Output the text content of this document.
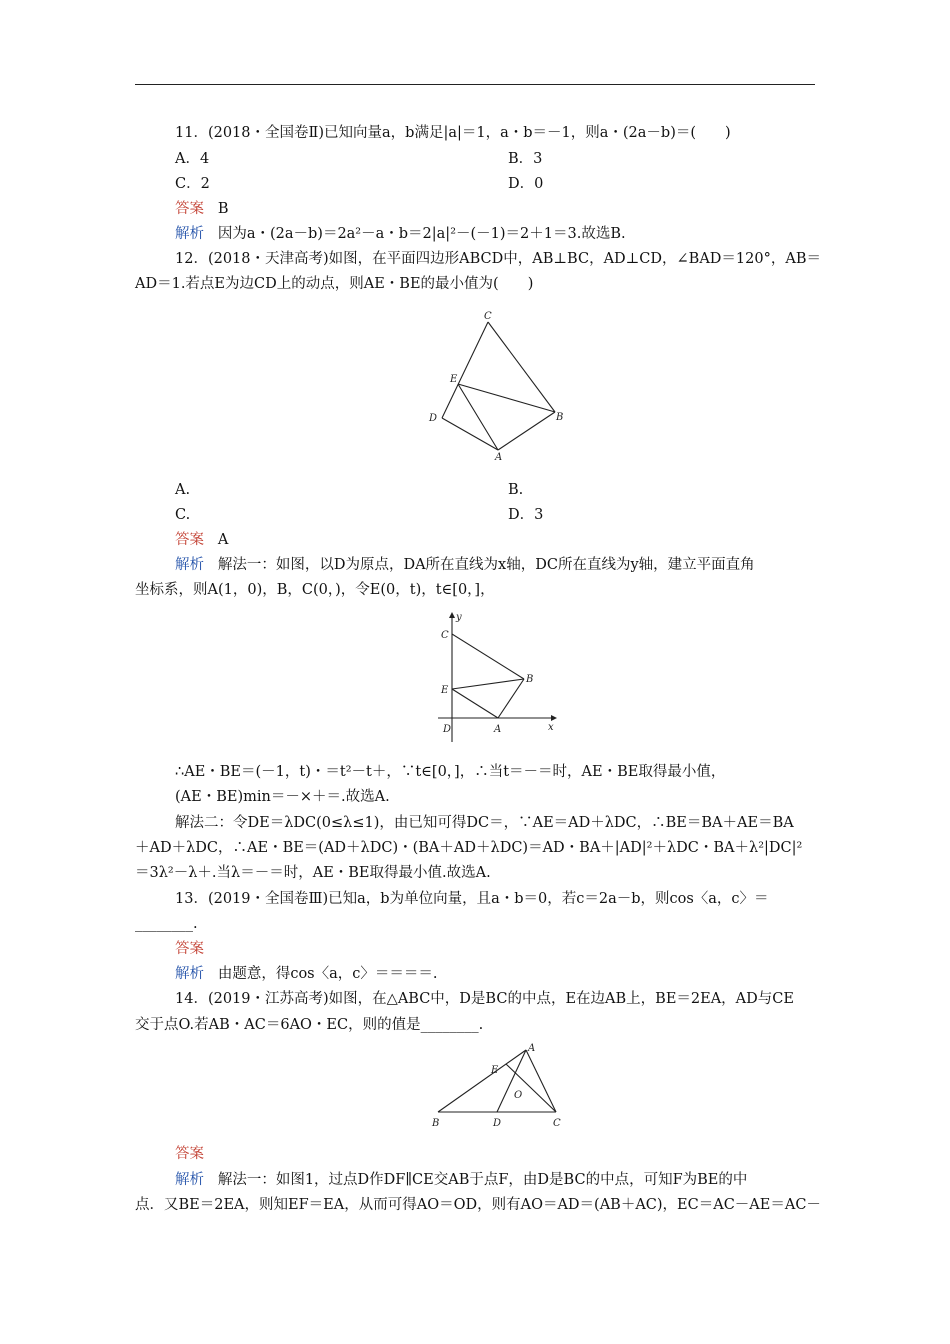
11．(2018・全国卷Ⅱ)已知向量a，b满足|a|＝1，a・b＝－1，则a・(2a－b)＝(　　)
A．4	B．3
C．2	D．0
答案 B
解析 因为a・(2a－b)＝2a²－a・b＝2|a|²－(－1)＝2＋1＝3.故选B.
12．(2018・天津高考)如图，在平面四边形ABCD中，AB⊥BC，AD⊥CD，∠BAD＝120°，AB＝
AD＝1.若点E为边CD上的动点，则AE・BE的最小值为(　　)
C
E
B
D
A
A.	B.
C.	D．3
答案 A
解析 解法一：如图，以D为原点，DA所在直线为x轴，DC所在直线为y轴，建立平面直角
坐标系，则A(1，0)，B，C(0，)，令E(0，t)，t∈[0，]，
y
x
C
E
B
D	A
∴AE・BE＝(－1，t)・＝t²－t＋，∵t∈[0，]，∴当t＝－＝时，AE・BE取得最小值，
(AE・BE)min＝－×＋＝.故选A.
解法二：令DE＝λDC(0≤λ≤1)，由已知可得DC＝，∵AE＝AD＋λDC，∴BE＝BA＋AE＝BA
＋AD＋λDC，∴AE・BE＝(AD＋λDC)・(BA＋AD＋λDC)＝AD・BA＋|AD|²＋λDC・BA＋λ²|DC|²
＝3λ²－λ＋.当λ＝－＝时，AE・BE取得最小值.故选A.
13．(2019・全国卷Ⅲ)已知a，b为单位向量，且a・b＝0，若c＝2a－b，则cos〈a，c〉＝
________.
答案
解析 由题意，得cos〈a，c〉＝＝＝＝.
14．(2019・江苏高考)如图，在△ABC中，D是BC的中点，E在边AB上，BE＝2EA，AD与CE
交于点O.若AB・AC＝6AO・EC，则的值是________.
A
E
O
B	D	C
答案
解析 解法一：如图1，过点D作DF∥CE交AB于点F，由D是BC的中点，可知F为BE的中
点．又BE＝2EA，则知EF＝EA，从而可得AO＝OD，则有AO＝AD＝(AB＋AC)，EC＝AC－AE＝AC－
